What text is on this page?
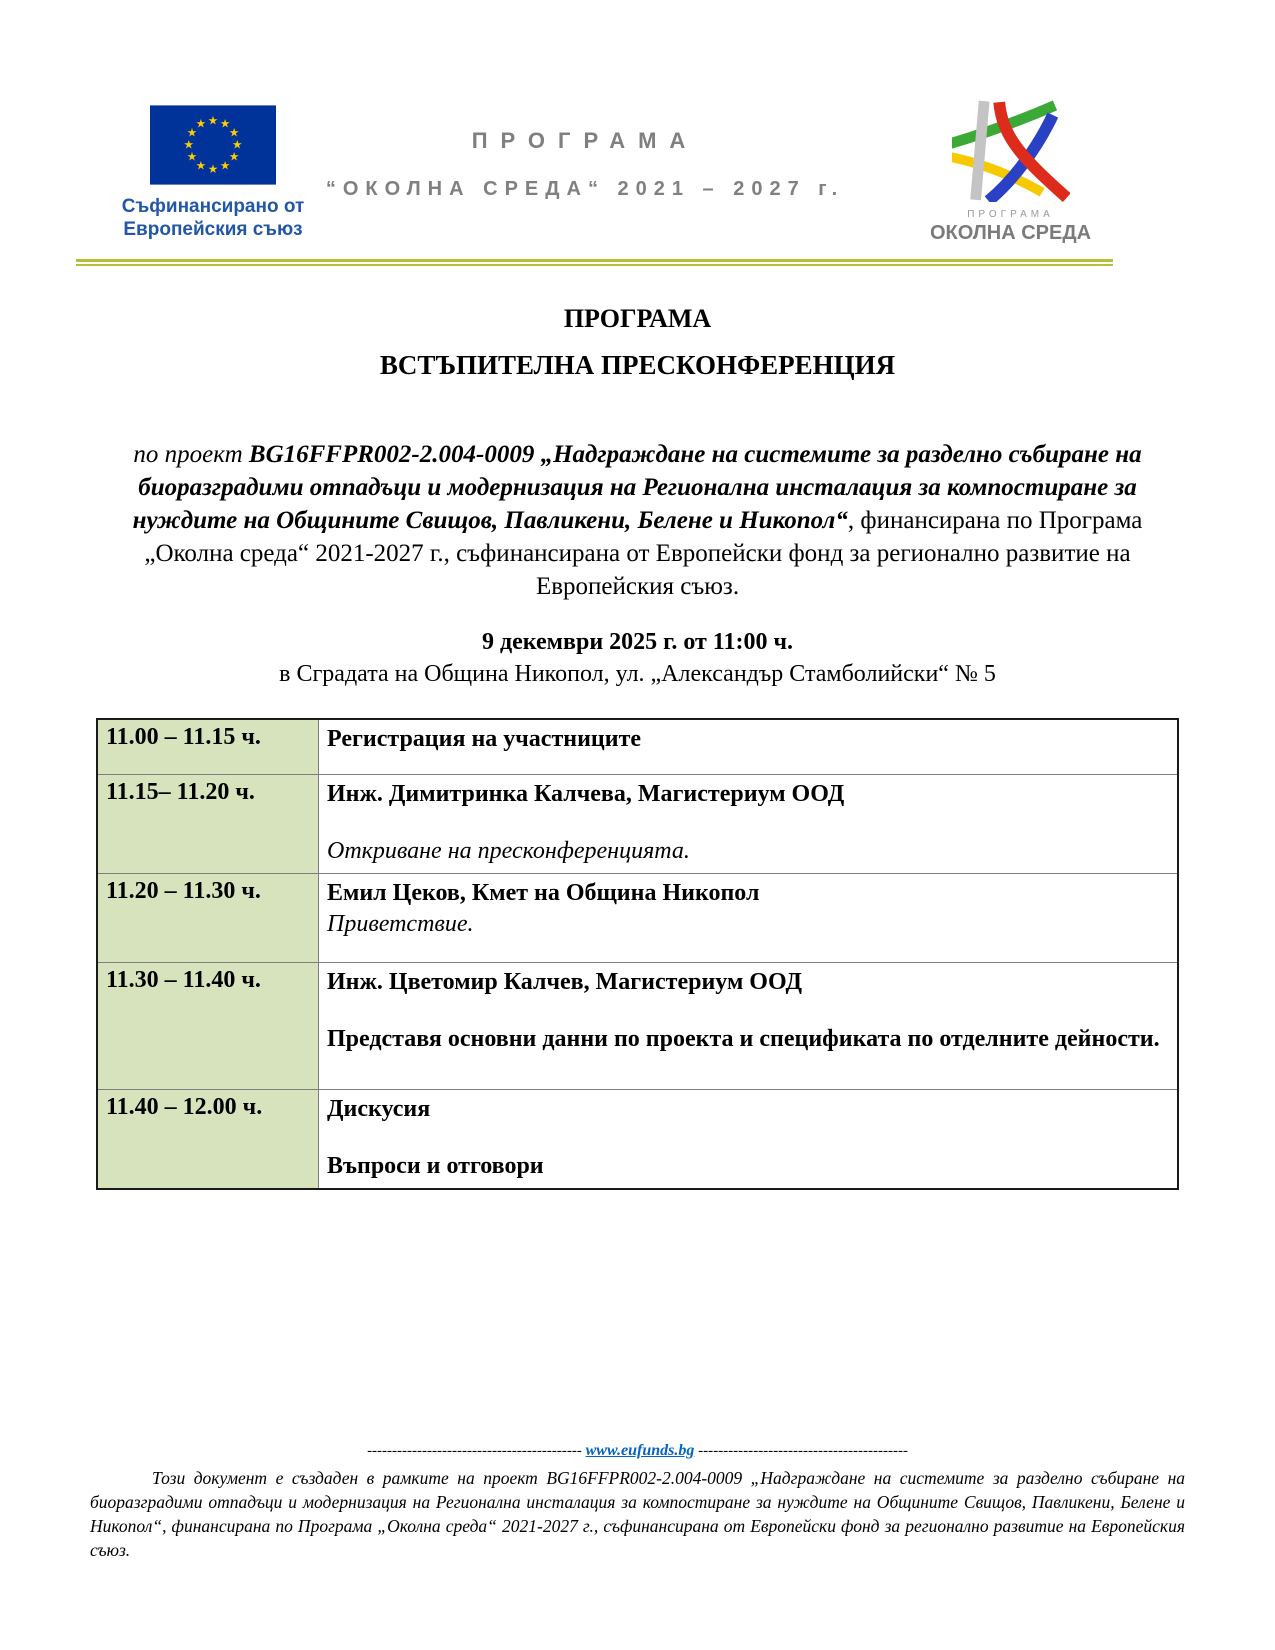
★ ★
★
★
★
★
★
★
★
★
★
★
Съфинансирано от
Европейския съюз
ПРОГРАМА
“ОКОЛНА СРЕДА“ 2021 – 2027 г.
ПРОГРАМА
ОКОЛНА СРЕДА
ПРОГРАМА
ВСТЪПИТЕЛНА ПРЕСКОНФЕРЕНЦИЯ
по проект BG16FFPR002-2.004-0009 „Надграждане на системите за разделно събиране на биоразградими отпадъци и модернизация на Регионална инсталация за компостиране за нуждите на Общините Свищов, Павликени, Белене и Никопол“, финансирана по Програма „Околна среда“ 2021-2027 г., съфинансирана от Европейски фонд за регионално развитие на Европейския съюз.
9 декември 2025 г. от 11:00 ч.
в Сградата на Община Никопол, ул. „Александър Стамболийски“ № 5
11.00 – 11.15 ч.	Регистрация на участниците

11.15– 11.20 ч.	Инж. Димитринка Калчева, Магистериум ООД
Откриване на пресконференцията.

11.20 – 11.30 ч.	Емил Цеков, Кмет на Община Никопол
Приветствие.

11.30 – 11.40 ч.	Инж. Цветомир Калчев, Магистериум ООД
Представя основни данни по проекта и спецификата по отделните дейности.

11.40 – 12.00 ч.	Дискусия
Въпроси и отговори
------------------------------------------- www.eufunds.bg ------------------------------------------
Този документ е създаден в рамките на проект BG16FFPR002-2.004-0009 „Надграждане на системите за разделно събиране на биоразградими отпадъци и модернизация на Регионална инсталация за компостиране за нуждите на Общините Свищов, Павликени, Белене и Никопол“, финансирана по Програма „Околна среда“ 2021-2027 г., съфинансирана от Европейски фонд за регионално развитие на Европейския съюз.
